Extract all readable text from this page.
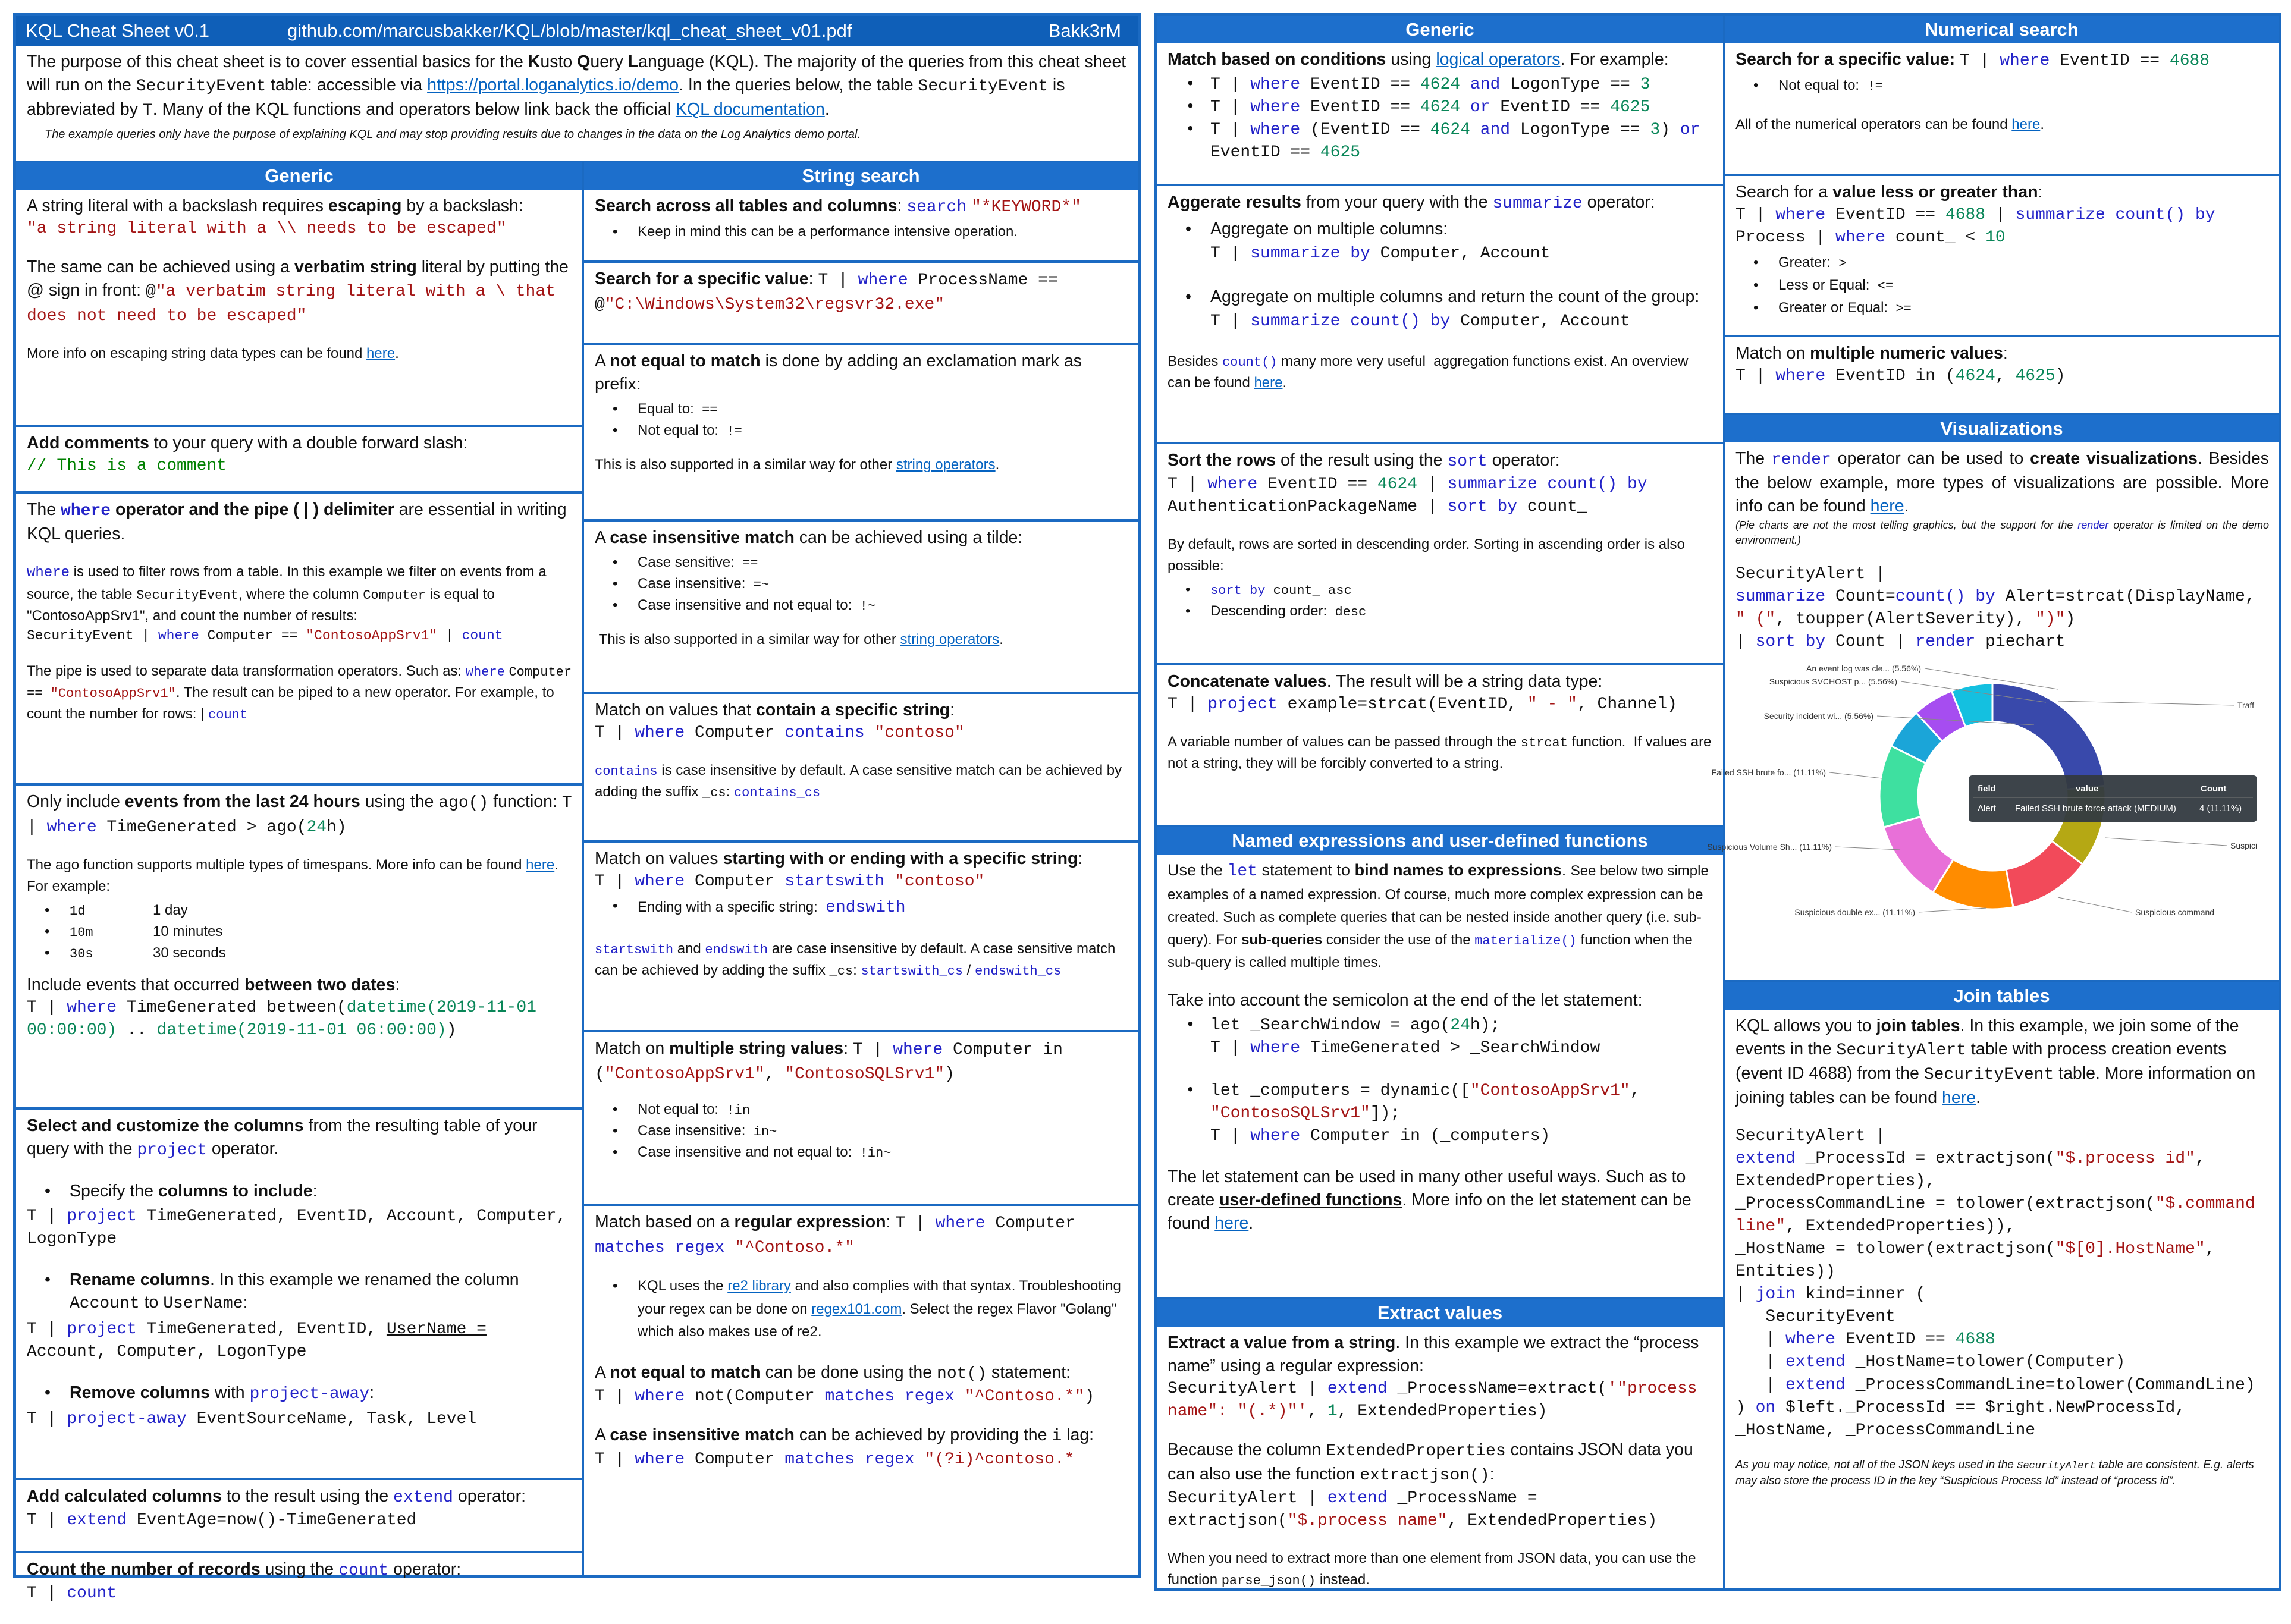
KQL Cheat Sheet v0.1	github.com/marcusbakker/KQL/blob/master/kql_cheat_sheet_v01.pdf	Bakk3rM

The purpose of this cheat sheet is to cover essential basics for the Kusto Query Language (KQL). The majority of the queries from this cheat sheet will run on the SecurityEvent table: accessible via https://portal.loganalytics.io/demo. In the queries below, the table SecurityEvent is abbreviated by T. Many of the KQL functions and operators below link back the official KQL documentation.

The example queries only have the purpose of explaining KQL and may stop providing results due to changes in the data on the Log Analytics demo portal.

Generic

A string literal with a backslash requires escaping by a backslash:

"a string literal with a \\ needs to be escaped"

The same can be achieved using a verbatim string literal by putting the @ sign in front: @"a verbatim string literal with a \ that does not need to be escaped"

More info on escaping string data types can be found here.

Add comments to your query with a double forward slash:

// This is a comment

The where operator and the pipe ( | ) delimiter are essential in writing KQL queries.

where is used to filter rows from a table. In this example we filter on events from a source, the table SecurityEvent, where the column Computer is equal to "ContosoAppSrv1", and count the number of results:

SecurityEvent | where Computer == "ContosoAppSrv1" | count

The pipe is used to separate data transformation operators. Such as: where Computer == "ContosoAppSrv1". The result can be piped to a new operator. For example, to count the number for rows: | count

Only include events from the last 24 hours using the ago() function: T | where TimeGenerated > ago(24h)

The ago function supports multiple types of timespans. More info can be found here. For example:

• 1d	1 day
• 10m	10 minutes
• 30s	30 seconds

Include events that occurred between two dates:

T | where TimeGenerated between(datetime(2019-11-01 00:00:00) .. datetime(2019-11-01 06:00:00))

Select and customize the columns from the resulting table of your query with the project operator.

• Specify the columns to include:

T | project TimeGenerated, EventID, Account, Computer, LogonType

• Rename columns. In this example we renamed the column Account to UserName:

T | project TimeGenerated, EventID, UserName = Account, Computer, LogonType

• Remove columns with project-away:

T | project-away EventSourceName, Task, Level

Add calculated columns to the result using the extend operator:

T | extend EventAge=now()-TimeGenerated

Count the number of records using the count operator:

T | count

String search

Search across all tables and columns: search "*KEYWORD*"

• Keep in mind this can be a performance intensive operation.

Search for a specific value: T | where ProcessName == @"C:\Windows\System32\regsvr32.exe"

A not equal to match is done by adding an exclamation mark as prefix:

• Equal to:  ==
• Not equal to:  !=

This is also supported in a similar way for other string operators.

A case insensitive match can be achieved using a tilde:

• Case sensitive:  ==
• Case insensitive:  =~
• Case insensitive and not equal to:  !~

This is also supported in a similar way for other string operators.

Match on values that contain a specific string:

T | where Computer contains "contoso"

contains is case insensitive by default. A case sensitive match can be achieved by adding the suffix _cs: contains_cs

Match on values starting with or ending with a specific string:

T | where Computer startswith "contoso"

• Ending with a specific string:  endswith

startswith and endswith are case insensitive by default. A case sensitive match can be achieved by adding the suffix _cs: startswith_cs / endswith_cs

Match on multiple string values: T | where Computer in ("ContosoAppSrv1", "ContosoSQLSrv1")

• Not equal to:  !in
• Case insensitive:  in~
• Case insensitive and not equal to:  !in~

Match based on a regular expression: T | where Computer matches regex "^Contoso.*"

• KQL uses the re2 library and also complies with that syntax. Troubleshooting your regex can be done on regex101.com. Select the regex Flavor "Golang" which also makes use of re2.

A not equal to match can be done using the not() statement:

T | where not(Computer matches regex "^Contoso.*")

A case insensitive match can be achieved by providing the i lag:

T | where Computer matches regex "(?i)^contoso.*

Generic

Match based on conditions using logical operators. For example:

• T | where EventID == 4624 and LogonType == 3
• T | where EventID == 4624 or EventID == 4625
• T | where (EventID == 4624 and LogonType == 3) or EventID == 4625

Aggerate results from your query with the summarize operator:

• Aggregate on multiple columns:
T | summarize by Computer, Account
• Aggregate on multiple columns and return the count of the group: T | summarize count() by Computer, Account

Besides count() many more very useful  aggregation functions exist. An overview can be found here.

Sort the rows of the result using the sort operator:

T | where EventID == 4624 | summarize count() by AuthenticationPackageName | sort by count_

By default, rows are sorted in descending order. Sorting in ascending order is also possible:

• sort by count_ asc
• Descending order:  desc

Concatenate values. The result will be a string data type:

T | project example=strcat(EventID, " - ", Channel)

A variable number of values can be passed through the strcat function.  If values are not a string, they will be forcibly converted to a string.

Named expressions and user-defined functions

Use the let statement to bind names to expressions. See below two simple examples of a named expression. Of course, much more complex expression can be created. Such as complete queries that can be nested inside another query (i.e. sub-query). For sub-queries consider the use of the materialize() function when the sub-query is called multiple times.

Take into account the semicolon at the end of the let statement:

• let _SearchWindow = ago(24h);
T | where TimeGenerated > _SearchWindow
• let _computers = dynamic(["ContosoAppSrv1", "ContosoSQLSrv1"]);
T | where Computer in (_computers)

The let statement can be used in many other useful ways. Such as to create user-defined functions. More info on the let statement can be found here.

Extract values

Extract a value from a string. In this example we extract the “process name” using a regular expression:

SecurityAlert | extend _ProcessName=extract('"process name": "(.*)"', 1, ExtendedProperties)

Because the column ExtendedProperties contains JSON data you can also use the function extractjson():

SecurityAlert | extend _ProcessName = extractjson("$.process name", ExtendedProperties)

When you need to extract more than one element from JSON data, you can use the function parse_json() instead.

Numerical search

Search for a specific value: T | where EventID == 4688

• Not equal to:  !=

All of the numerical operators can be found here.

Search for a value less or greater than:

T | where EventID == 4688 | summarize count() by Process | where count_ < 10

• Greater:  >
• Less or Equal:  <=
• Greater or Equal:  >=

Match on multiple numeric values:

T | where EventID in (4624, 4625)

Visualizations

The render operator can be used to create visualizations. Besides the below example, more types of visualizations are possible. More info can be found here.

(Pie charts are not the most telling graphics, but the support for the render operator is limited on the demo environment.)

SecurityAlert |
summarize Count=count() by Alert=strcat(DisplayName, " (", toupper(AlertSeverity), ")")
| sort by Count | render piechart

An event log was cle... (5.56%)
Suspicious SVCHOST p... (5.56%)
Security incident wi... (5.56%)
Failed SSH brute fo... (11.11%)
Suspicious Volume Sh... (11.11%)
Suspicious double ex... (11.11%)	Suspicious command
Suspici
Traff
field	value	Count
Alert Failed SSH brute force attack (MEDIUM)	4 (11.11%)
Join tables

KQL allows you to join tables. In this example, we join some of the events in the SecurityAlert table with process creation events (event ID 4688) from the SecurityEvent table. More information on joining tables can be found here.

SecurityAlert |
extend _ProcessId = extractjson("$.process id", ExtendedProperties),
_ProcessCommandLine = tolower(extractjson("$.command line", ExtendedProperties)),
_HostName = tolower(extractjson("$[0].HostName", Entities))
| join kind=inner (
SecurityEvent
| where EventID == 4688
| extend _HostName=tolower(Computer)
| extend _ProcessCommandLine=tolower(CommandLine)
) on $left._ProcessId == $right.NewProcessId, _HostName, _ProcessCommandLine

As you may notice, not all of the JSON keys used in the SecurityAlert table are consistent. E.g. alerts may also store the process ID in the key “Suspicious Process Id” instead of “process id”.
